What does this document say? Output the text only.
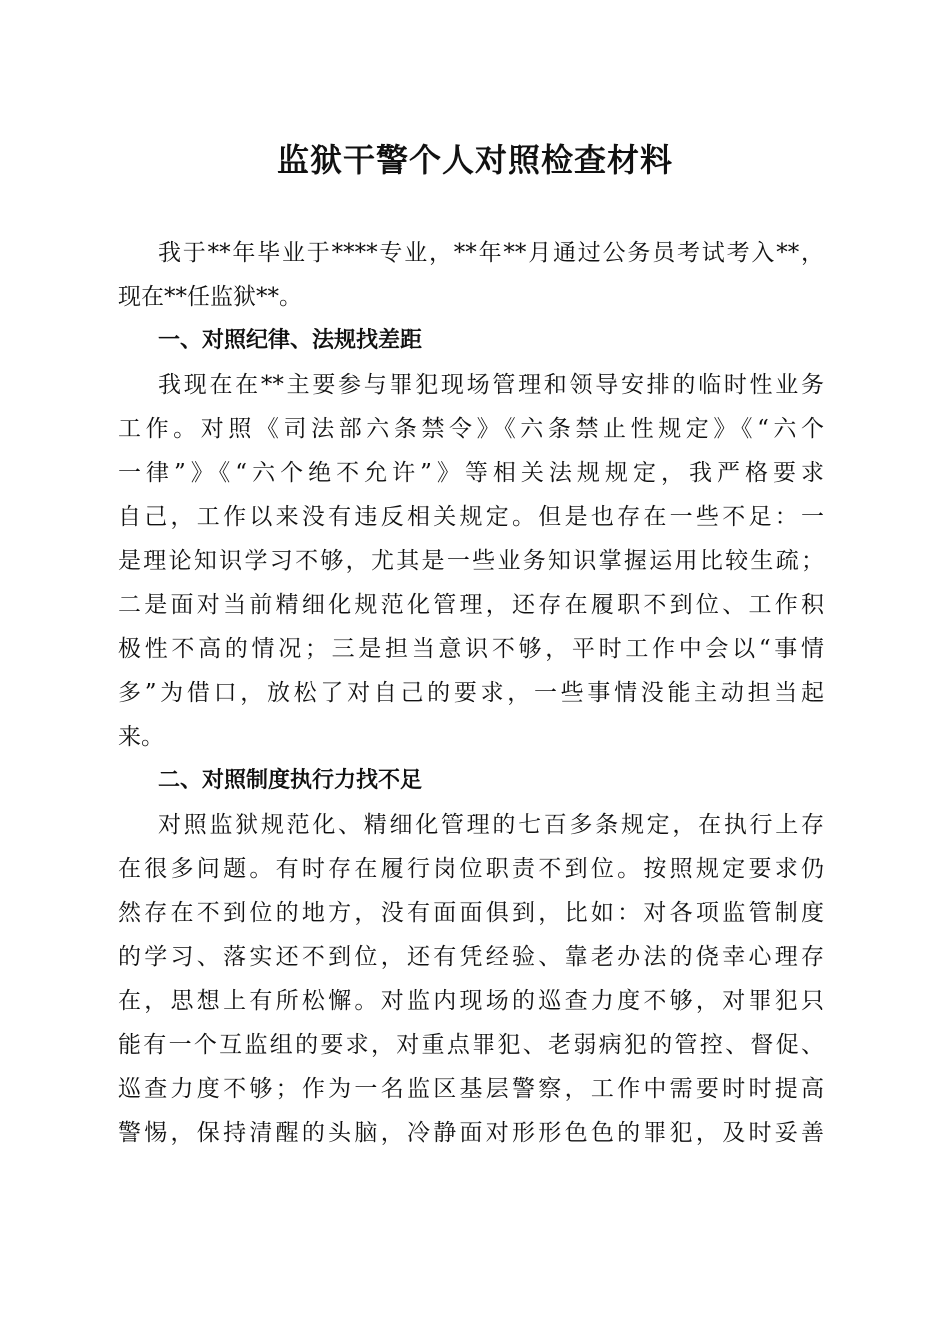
监狱干警个人对照检查材料
我于**年毕业于****专业，**年**月通过公务员考试考入**，
现在**任监狱**。
一、对照纪律、法规找差距
我现在在**主要参与罪犯现场管理和领导安排的临时性业务
工作。对照《司法部六条禁令》《六条禁止性规定》《“六个
一律”》《“六个绝不允许”》等相关法规规定，我严格要求
自己，工作以来没有违反相关规定。但是也存在一些不足：一
是理论知识学习不够，尤其是一些业务知识掌握运用比较生疏；
二是面对当前精细化规范化管理，还存在履职不到位、工作积
极性不高的情况；三是担当意识不够，平时工作中会以“事情
多”为借口，放松了对自己的要求，一些事情没能主动担当起
来。
二、对照制度执行力找不足
对照监狱规范化、精细化管理的七百多条规定，在执行上存
在很多问题。有时存在履行岗位职责不到位。按照规定要求仍
然存在不到位的地方，没有面面俱到，比如：对各项监管制度
的学习、落实还不到位，还有凭经验、靠老办法的侥幸心理存
在，思想上有所松懈。对监内现场的巡查力度不够，对罪犯只
能有一个互监组的要求，对重点罪犯、老弱病犯的管控、督促、
巡查力度不够；作为一名监区基层警察，工作中需要时时提高
警惕，保持清醒的头脑，冷静面对形形色色的罪犯，及时妥善
